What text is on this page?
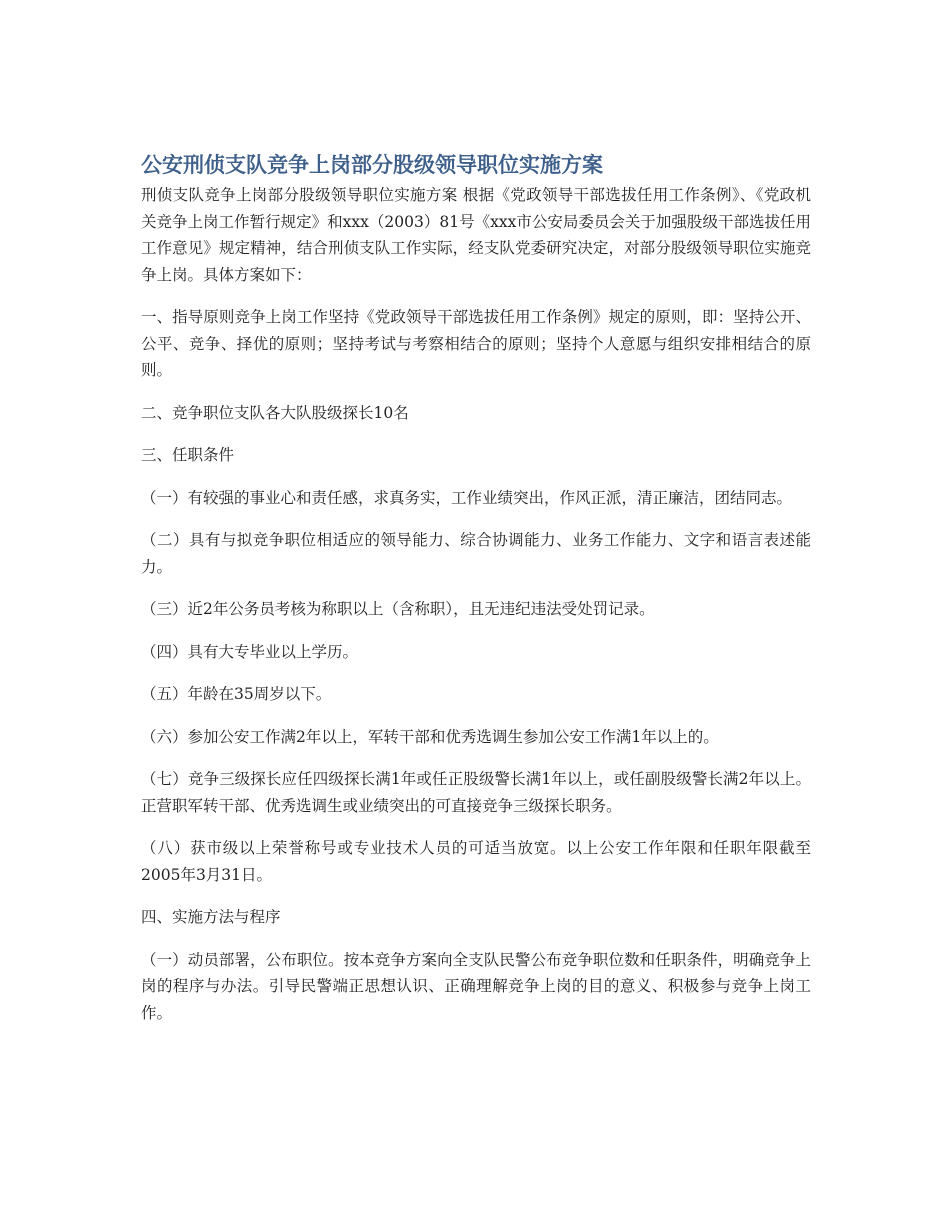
公安刑侦支队竞争上岗部分股级领导职位实施方案

刑侦支队竞争上岗部分股级领导职位实施方案 根据《党政领导干部选拔任用工作条例》、《党政机关竞争上岗工作暂行规定》和xxx（2003）81号《xxx市公安局委员会关于加强股级干部选拔任用工作意见》规定精神，结合刑侦支队工作实际，经支队党委研究决定，对部分股级领导职位实施竞争上岗。具体方案如下：

一、指导原则竞争上岗工作坚持《党政领导干部选拔任用工作条例》规定的原则，即：坚持公开、公平、竞争、择优的原则；坚持考试与考察相结合的原则；坚持个人意愿与组织安排相结合的原则。

二、竞争职位支队各大队股级探长10名

三、任职条件

（一）有较强的事业心和责任感，求真务实，工作业绩突出，作风正派，清正廉洁，团结同志。

（二）具有与拟竞争职位相适应的领导能力、综合协调能力、业务工作能力、文字和语言表述能力。

（三）近2年公务员考核为称职以上（含称职），且无违纪违法受处罚记录。

（四）具有大专毕业以上学历。

（五）年龄在35周岁以下。

（六）参加公安工作满2年以上，军转干部和优秀选调生参加公安工作满1年以上的。

（七）竞争三级探长应任四级探长满1年或任正股级警长满1年以上，或任副股级警长满2年以上。正营职军转干部、优秀选调生或业绩突出的可直接竞争三级探长职务。

（八）获市级以上荣誉称号或专业技术人员的可适当放宽。以上公安工作年限和任职年限截至2005年3月31日。

四、实施方法与程序

（一）动员部署，公布职位。按本竞争方案向全支队民警公布竞争职位数和任职条件，明确竞争上岗的程序与办法。引导民警端正思想认识、正确理解竞争上岗的目的意义、积极参与竞争上岗工作。
